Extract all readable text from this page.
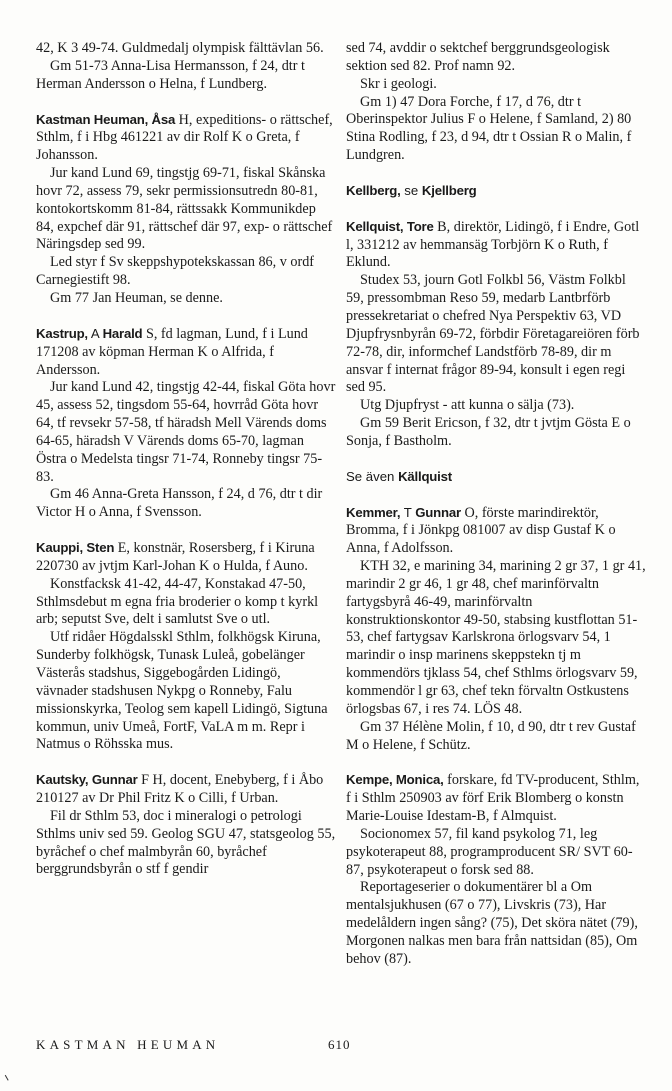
42, K 3 49-74. Guldmedalj olympisk fälttävlan 56.

Gm 51-73 Anna-Lisa Hermansson, f 24, dtr t Herman Andersson o Helna, f Lundberg.

Kastman Heuman, Åsa H, expeditions- o rättschef, Sthlm, f i Hbg 461221 av dir Rolf K o Greta, f Johansson.

Jur kand Lund 69, tingstjg 69-71, fiskal Skånska hovr 72, assess 79, sekr permissionsutredn 80-81, kontokortskomm 81-84, rättssakk Kommunikdep 84, expchef där 91, rättschef där 97, exp- o rättschef Näringsdep sed 99.

Led styr f Sv skeppshypotekskassan 86, v ordf Carnegiestift 98.

Gm 77 Jan Heuman, se denne.

Kastrup, A Harald S, fd lagman, Lund, f i Lund 171208 av köpman Herman K o Alfrida, f Andersson.

Jur kand Lund 42, tingstjg 42-44, fiskal Göta hovr 45, assess 52, tingsdom 55-64, hovrråd Göta hovr 64, tf revsekr 57-58, tf häradsh Mell Värends doms 64-65, häradsh V Värends doms 65-70, lagman Östra o Medelsta tingsr 71-74, Ronneby tingsr 75-83.

Gm 46 Anna-Greta Hansson, f 24, d 76, dtr t dir Victor H o Anna, f Svensson.

Kauppi, Sten E, konstnär, Rosersberg, f i Kiruna 220730 av jvtjm Karl-Johan K o Hulda, f Auno.

Konstfacksk 41-42, 44-47, Konstakad 47-50, Sthlmsdebut m egna fria broderier o komp t kyrkl arb; seputst Sve, delt i samlutst Sve o utl.

Utf ridåer Högdalsskl Sthlm, folkhögsk Kiruna, Sunderby folkhögsk, Tunask Luleå, gobelänger Västerås stadshus, Siggebogården Lidingö, vävnader stadshusen Nykpg o Ronneby, Falu missionskyrka, Teolog sem kapell Lidingö, Sigtuna kommun, univ Umeå, FortF, VaLA m m. Repr i Natmus o Röhsska mus.

Kautsky, Gunnar F H, docent, Enebyberg, f i Åbo 210127 av Dr Phil Fritz K o Cilli, f Urban.

Fil dr Sthlm 53, doc i mineralogi o petrologi Sthlms univ sed 59. Geolog SGU 47, statsgeolog 55, byråchef o chef malmbyrån 60, byråchef berggrundsbyrån o stf f gendir

sed 74, avddir o sektchef berggrundsgeologisk sektion sed 82. Prof namn 92.

Skr i geologi.

Gm 1) 47 Dora Forche, f 17, d 76, dtr t Oberinspektor Julius F o Helene, f Samland, 2) 80 Stina Rodling, f 23, d 94, dtr t Ossian R o Malin, f Lundgren.

Kellberg, se Kjellberg

Kellquist, Tore B, direktör, Lidingö, f i Endre, Gotl l, 331212 av hemmansäg Torbjörn K o Ruth, f Eklund.

Studex 53, journ Gotl Folkbl 56, Västm Folkbl 59, pressombman Reso 59, medarb Lantbrförb pressekretariat o chefred Nya Perspektiv 63, VD Djupfrysnbyrån 69-72, förbdir Företagareiören förb 72-78, dir, informchef Landstförb 78-89, dir m ansvar f internat frågor 89-94, konsult i egen regi sed 95.

Utg Djupfryst - att kunna o sälja (73).

Gm 59 Berit Ericson, f 32, dtr t jvtjm Gösta E o Sonja, f Bastholm.

Se även Källquist

Kemmer, T Gunnar O, förste marindirektör, Bromma, f i Jönkpg 081007 av disp Gustaf K o Anna, f Adolfsson.

KTH 32, e marining 34, marining 2 gr 37, 1 gr 41, marindir 2 gr 46, 1 gr 48, chef marinförvaltn fartygsbyrå 46-49, marinförvaltn konstruktionskontor 49-50, stabsing kustflottan 51-53, chef fartygsav Karlskrona örlogsvarv 54, 1 marindir o insp marinens skeppstekn tj m kommendörs tjklass 54, chef Sthlms örlogsvarv 59, kommendör l gr 63, chef tekn förvaltn Ostkustens örlogsbas 67, i res 74. LÖS 48.

Gm 37 Hélène Molin, f 10, d 90, dtr t rev Gustaf M o Helene, f Schütz.

Kempe, Monica, forskare, fd TV-producent, Sthlm, f i Sthlm 250903 av förf Erik Blomberg o konstn Marie-Louise Idestam-B, f Almquist.

Socionomex 57, fil kand psykolog 71, leg psykoterapeut 88, programproducent SR/ SVT 60-87, psykoterapeut o forsk sed 88.

Reportageserier o dokumentärer bl a Om mentalsjukhusen (67 o 77), Livskris (73), Har medelåldern ingen sång? (75), Det sköra nätet (79), Morgonen nalkas men bara från nattsidan (85), Om behov (87).

KASTMAN HEUMAN	610
